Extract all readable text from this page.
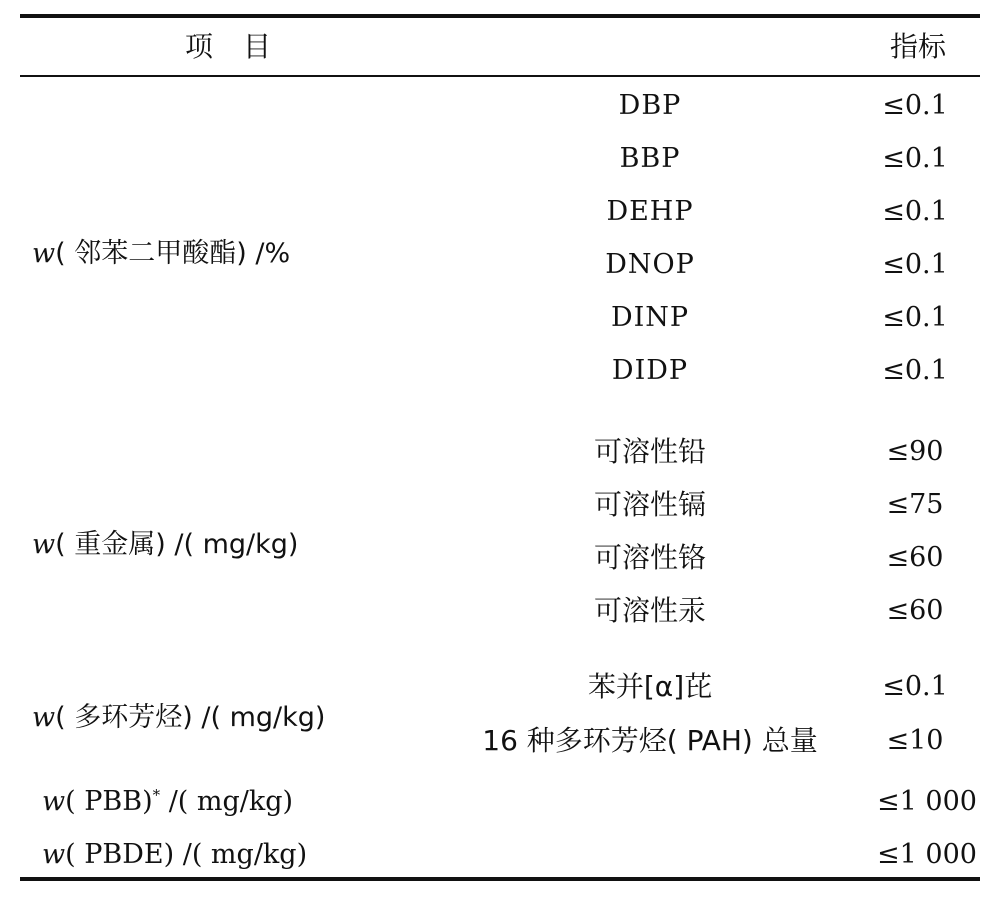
项目	指标
w( 邻苯二甲酸酯) /%
DBP	≤0.1
BBP	≤0.1
DEHP	≤0.1
DNOP	≤0.1
DINP	≤0.1
DIDP	≤0.1
w( 重金属) /( mg/kg)
可溶性铅	≤90
可溶性镉	≤75
可溶性铬	≤60
可溶性汞	≤60
w( 多环芳烃) /( mg/kg)
苯并[α]芘	≤0.1
16 种多环芳烃( PAH) 总量	≤10
w( PBB)* /( mg/kg)	≤1 000
w( PBDE) /( mg/kg)	≤1 000
